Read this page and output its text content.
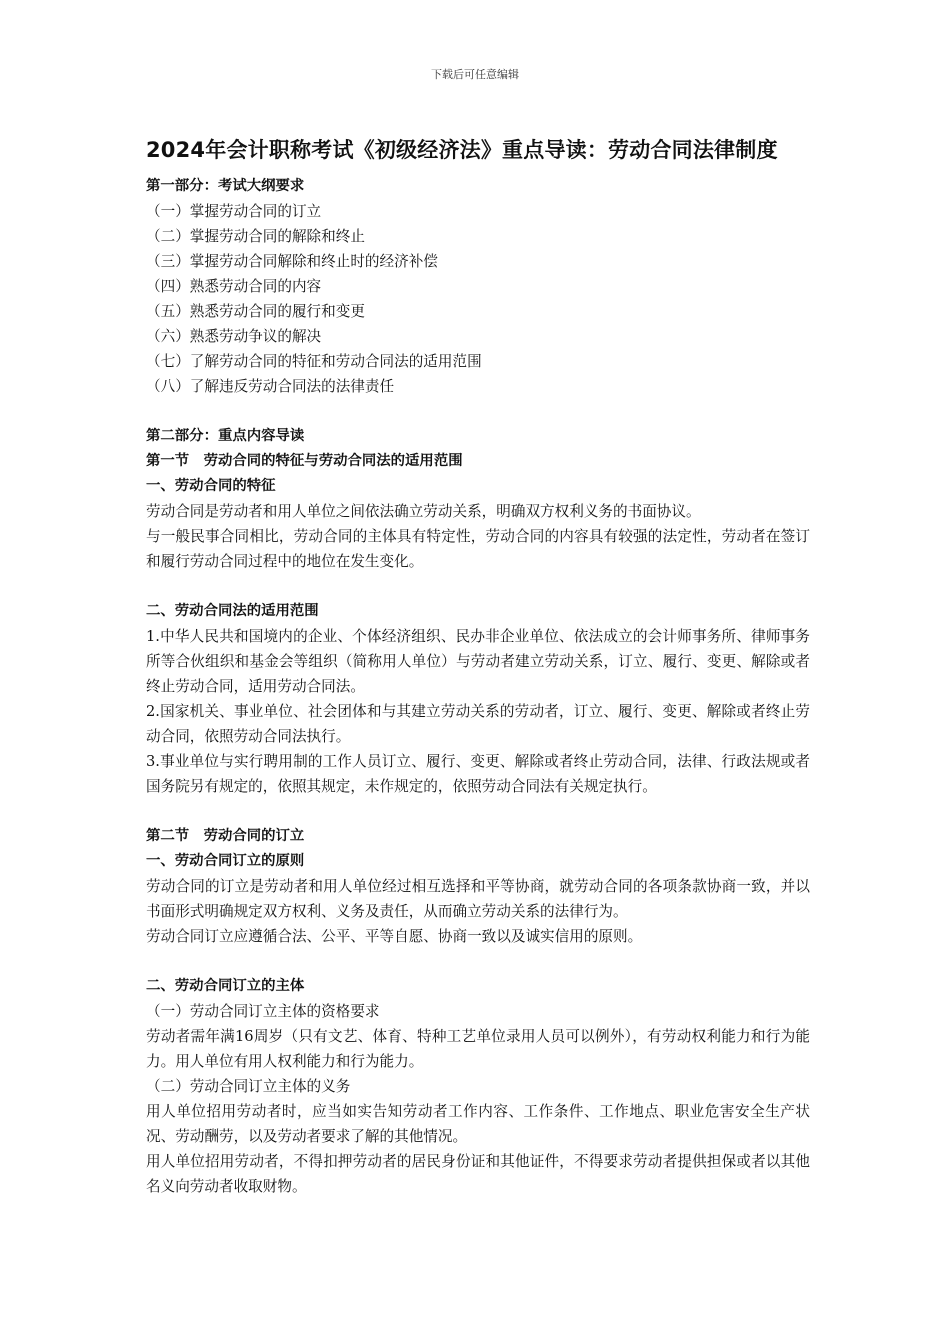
下载后可任意编辑
2024年会计职称考试《初级经济法》重点导读：劳动合同法律制度

第一部分：考试大纲要求

（一）掌握劳动合同的订立

（二）掌握劳动合同的解除和终止

（三）掌握劳动合同解除和终止时的经济补偿

（四）熟悉劳动合同的内容

（五）熟悉劳动合同的履行和变更

（六）熟悉劳动争议的解决

（七）了解劳动合同的特征和劳动合同法的适用范围

（八）了解违反劳动合同法的法律责任

第二部分：重点内容导读

第一节　劳动合同的特征与劳动合同法的适用范围

一、劳动合同的特征

劳动合同是劳动者和用人单位之间依法确立劳动关系，明确双方权利义务的书面协议。

与一般民事合同相比，劳动合同的主体具有特定性，劳动合同的内容具有较强的法定性，劳动者在签订和履行劳动合同过程中的地位在发生变化。

二、劳动合同法的适用范围

1.中华人民共和国境内的企业、个体经济组织、民办非企业单位、依法成立的会计师事务所、律师事务所等合伙组织和基金会等组织（简称用人单位）与劳动者建立劳动关系，订立、履行、变更、解除或者终止劳动合同，适用劳动合同法。

2.国家机关、事业单位、社会团体和与其建立劳动关系的劳动者，订立、履行、变更、解除或者终止劳动合同，依照劳动合同法执行。

3.事业单位与实行聘用制的工作人员订立、履行、变更、解除或者终止劳动合同，法律、行政法规或者国务院另有规定的，依照其规定，未作规定的，依照劳动合同法有关规定执行。

第二节　劳动合同的订立

一、劳动合同订立的原则

劳动合同的订立是劳动者和用人单位经过相互选择和平等协商，就劳动合同的各项条款协商一致，并以书面形式明确规定双方权利、义务及责任，从而确立劳动关系的法律行为。

劳动合同订立应遵循合法、公平、平等自愿、协商一致以及诚实信用的原则。

二、劳动合同订立的主体

（一）劳动合同订立主体的资格要求

劳动者需年满16周岁（只有文艺、体育、特种工艺单位录用人员可以例外），有劳动权利能力和行为能力。用人单位有用人权利能力和行为能力。

（二）劳动合同订立主体的义务

用人单位招用劳动者时，应当如实告知劳动者工作内容、工作条件、工作地点、职业危害安全生产状况、劳动酬劳，以及劳动者要求了解的其他情况。

用人单位招用劳动者，不得扣押劳动者的居民身份证和其他证件，不得要求劳动者提供担保或者以其他名义向劳动者收取财物。
